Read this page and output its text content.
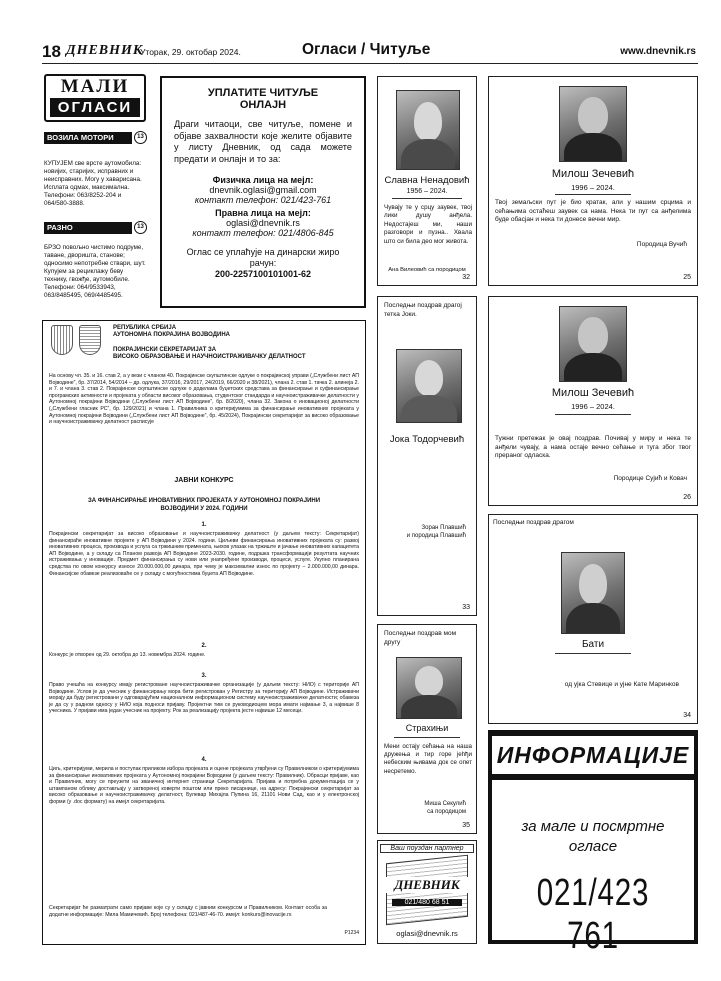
18 ДНЕВНИК
Уторак, 29. октобар 2024.	Огласи / Читуље	www.dnevnik.rs
МАЛИ
ОГЛАСИ
ВОЗИЛА МОТОРИ	13
КУПУЈЕМ све врсте аутомобила: новијих, старијих, исправних и неисправних. Могу у хаварисана. Исплата одмах, максимална. Телефони: 063/8252-204 и 064/580-3888.
РАЗНО	13
БРЗО повољно чистимо подруме, таване, дворишта, станове; односимо непотребне ствари, шут. Купујем за рециклажу беву технику, гвожђе, аутомобиле. Телефони: 064/9533943, 063/8485495, 069/4485495.
УПЛАТИТЕ ЧИТУЉЕ
ОНЛАЈН
Драги читаоци, све читуље, помене и објаве захвалности које желите објавите у листу Дневник, од сада можете предати и онлајн и то за:
Физичка лица на мејл:
dnevnik.oglasi@gmail.com
контакт телефон: 021/423-761
Правна лица на мејл:
oglasi@dnevnik.rs
контакт телефон: 021/4806-845
Оглас се уплаћује на динарски жиро рачун:
200-2257100101001-62
РЕПУБЛИКА СРБИЈА
АУТОНОМНА ПОКРАЈИНА ВОЈВОДИНА
ПОКРАЈИНСКИ СЕКРЕТАРИЈАТ ЗА
ВИСОКО ОБРАЗОВАЊЕ И НАУЧНОИСТРАЖИВАЧКУ ДЕЛАТНОСТ
На основу чл. 35. и 16. став 2, а у вези с чланом 40. Покрајинске скупштинске одлуке о покрајинској управи („Службени лист АП Војводине”, бр. 37/2014, 54/2014 – др. одлука, 37/2016, 29/2017, 24/2019, 66/2020 и 38/2021), члана 2. став 1. тачка 2. алинеја 2. и 7. и члана 3. став 2. Покрајинске скупштинске одлуке о доделама буџетских средстава за финансирање и суфинансирање програмских активности и пројеката у области високог образовања, студентског стандарда и научноистраживачке делатности у Аутономној покрајини Војводини („Службени лист АП Војводине”, бр. 8/2020), члана 32. Закона о иновационој делатности („Службени гласник РС”, бр. 129/2021) и члана 1. Правилника о критеријумима за финансирање иновативних пројеката у Аутономној покрајини Војводини („Службени лист АП Војводине”, бр. 45/2024), Покрајински секретаријат за високо образовање и научноистраживачку делатност расписује
ЈАВНИ КОНКУРС
ЗА ФИНАНСИРАЊЕ ИНОВАТИВНИХ ПРОЈЕКАТА У АУТОНОМНОЈ ПОКРАЈИНИ ВОЈВОДИНИ У 2024. ГОДИНИ
1.
Покрајински секретаријат за високо образовање и научноистраживачку делатност (у даљем тексту: Секретаријат) финансираће иновативне пројекте у АП Војводини у 2024. години. Циљеви финансирања иновативних пројеката су: развој иновативних процеса, производа и услуга са тржишним примената, њихов улазак на тржиште и јачање иновативних капацитета АП Војводине, а у складу са Планом развоја АП Војводине 2023-2030. године, подршка трансформацији резултата научних истраживања у иновације. Предмет финансирања су нови или унапређени производи, процеси, услуге. Укупно планирана средства по овом конкурсу износе 20.000.000,00 динара, при чему је максимални износ по пројекту – 2.000.000,00 динара. Финансијске обавезе реализоваће се у складу с могућностима буџета АП Војводине.
2.
Конкурс је отворен од 29. октобра до 13. новембра 2024. године.
3.
Право учешћа на конкурсу имају регистроване научноистраживачке организације (у даљем тексту: НИО) с територије АП Војводине. Услов је да учесник у финансирању мора бити регистрован у Регистру за територију АП Војводине. Истраживачи морају да буду регистровани у одговарајућем националном информационом систему научноистраживачке делатности; обавеза је да су у радном односу у НИО која подноси пријаву. Пројектни тим се руководиоцем мора имати најмање 3, а највише 8 учесника. У пријави има један учесник на пројекту. Рок за реализацију пројекта јесте највише 12 месеци.
4.
Циљ, критеријуми, мерила и поступак приликом избора пројеката и оцене пројеката утврђени су Правилником о критеријумима за финансирање иновативних пројеката у Аутономној покрајини Војводини (у даљем тексту: Правилник). Обрасци пријаве, као и Правилник, могу се преузети на званичној интернет страници Секретаријата. Пријава и потребна документација се у штампаном облику достављају у затвореној коверти поштом или преко писарнице, на адресу: Покрајински секретаријат за високо образовање и научноистраживачку делатност, Булевар Михајла Пупина 16, 21101 Нови Сад, као и у електронској форми (у .doc формату) на имејл секретаријата.
Секретаријат ће разматрати само пријаве које су у складу с јавним конкурсом и Правилником. Контакт особа за додатне информације: Мила Мамичевић. Број телефона: 021/487-46-70. имејл: konkurs@inovacije.rs
P1234
Славна Ненадовић
1956 – 2024.
Чувају те у срцу заувек, твоj лики душу анђела. Недостајеш ми, наши разговори и пузна.. Хвала што си била део мог живота.
Ана Вилеовић са породицом
32
Милош Зечевић
1996 – 2024.
Твој земаљски пут је био кратак, али у нашим срцима и сећањима остаћеш заувек са нама. Нека ти пут са анђелима буде обасјан и нека ти донесе вечни мир.
Породица Вучић
25
Последњи поздрав драгој тетка Јоки.
Јока Тодорчевић
Зоран Плавшић
и породица Плавшић
33
Милош Зечевић
1996 – 2024.
Тужни претежак је овај поздрав. Почивај у миру и нека те анђели чувају, а нама остаје вечно сећање и туга због твог прераног одласка.
Породице Сујић и Ковач
26
Последњи поздрав драгом
Бати
од ујка Стевице и ујне Кате Маринков
34
Последњи поздрав мом другу
Страхињи
Мени остају сећања на наша дружења и тир горе јеhђи небеским њивама док се опет несретемо.
Миша Секулић
са породицом
35
Ваш поуздан партнер
ДНЕВНИК
021/480 68 51
oglasi@dnevnik.rs
ИНФОРМАЦИЈЕ
за мале и посмртне
огласе
021/423 761
